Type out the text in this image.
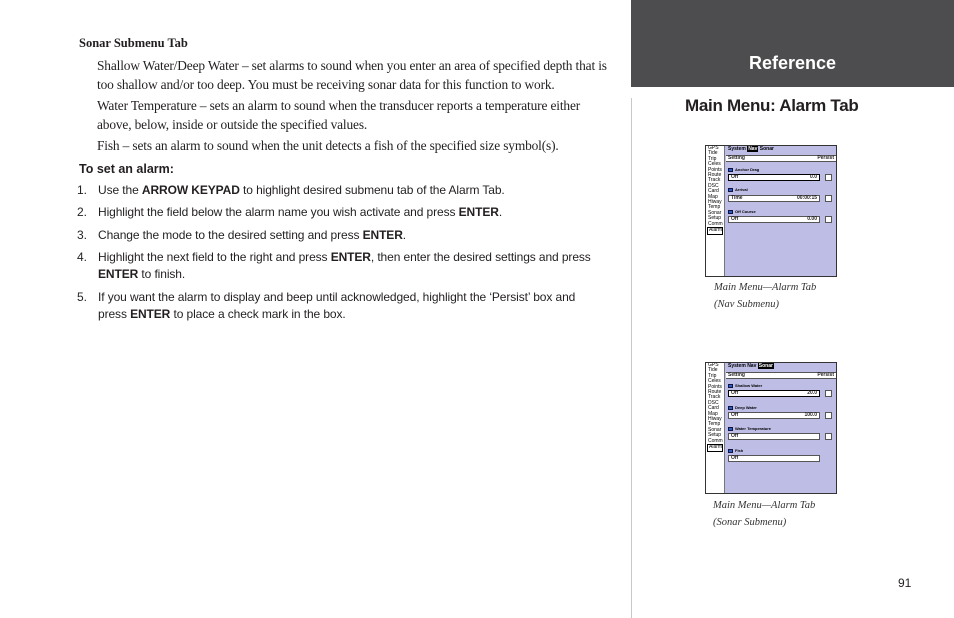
Sonar Submenu Tab

Shallow Water/Deep Water – set alarms to sound when you enter an area of specified depth that is too shallow and/or too deep. You must be receiving sonar data for this function to work.

Water Temperature – sets an alarm to sound when the transducer reports a temperature either above, below, inside or outside the specified values.

Fish – sets an alarm to sound when the unit detects a fish of the specified size symbol(s).

To set an alarm:
1. Use the ARROW KEYPAD to highlight desired submenu tab of the Alarm Tab.
2. Highlight the field below the alarm name you wish activate and press ENTER.
3. Change the mode to the desired setting and press ENTER.
4. Highlight the next field to the right and press ENTER, then enter the desired settings and press ENTER to finish.
5. If you want the alarm to display and beep until acknowledged, highlight the ‘Persist’ box and press ENTER to place a check mark in the box.
Reference
Main Menu: Alarm Tab
GPS
Tide
Trip
Celes
Points
Route
Track
DSC
Card
Map
Hiway
Temp
Sonar
Setup
Comm
Alarm
System Nav Sonar
Setting	Persist
Anchor Drag
Off	0.0
Arrival
Time	00:00:15
Off Course
Off	0.00
Main Menu—Alarm Tab
(Nav Submenu)
GPS
Tide
Trip
Celes
Points
Route
Track
DSC
Card
Map
Hiway
Temp
Sonar
Setup
Comm
Alarm
System Nav Sonar
Setting	Persist
Shallow Water
Off	20.0
Deep Water
Off	100.0
Water Temperature
Off
Fish
Off
Main Menu—Alarm Tab
(Sonar Submenu)
91
